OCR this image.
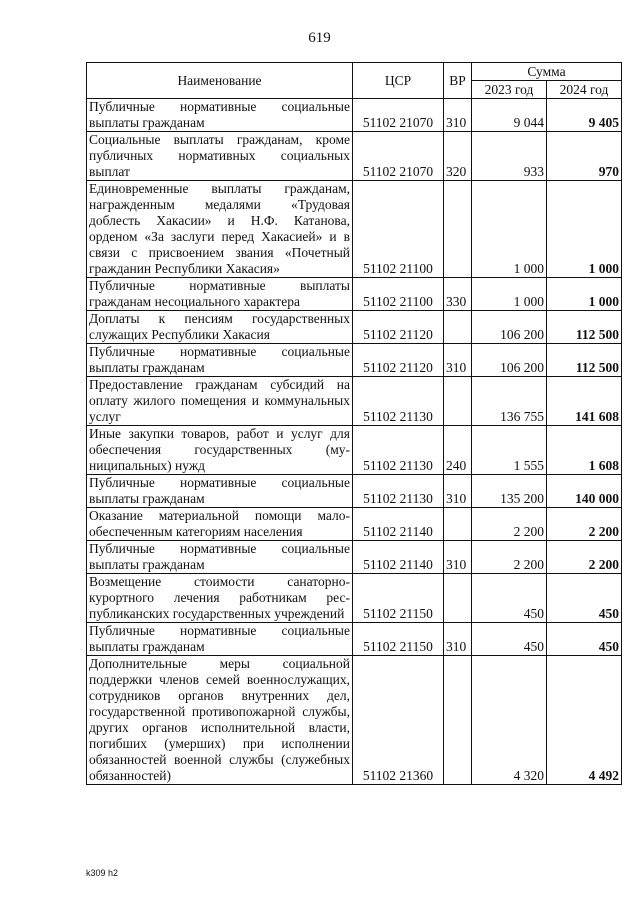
619
Наименование	ЦСР	ВР	Сумма	
			2023 год	2024 год
Публичные нормативные социальные выплаты гражданам	51102 21070	310	9 044	9 405
Социальные выплаты гражданам, кроме публичных нормативных социальных выплат	51102 21070	320	933	970
Единовременные выплаты гражданам, награжденным медалями «Трудовая доблесть Хакасии» и Н.Ф. Катанова, орденом «За заслуги перед Хакасией» и в связи с присвоением звания «Почетный гражданин Республики Хакасия»	51102 21100		1 000	1 000
Публичные нормативные выплаты гражданам несоциального характера	51102 21100	330	1 000	1 000
Доплаты к пенсиям государственных служащих Республики Хакасия	51102 21120		106 200	112 500
Публичные нормативные социальные выплаты гражданам	51102 21120	310	106 200	112 500
Предоставление гражданам субсидий на оплату жилого помещения и коммунальных услуг	51102 21130		136 755	141 608
Иные закупки товаров, работ и услуг для обеспечения государственных (муниципальных) нужд	51102 21130	240	1 555	1 608
Публичные нормативные социальные выплаты гражданам	51102 21130	310	135 200	140 000
Оказание материальной помощи малообеспеченным категориям населения	51102 21140		2 200	2 200
Публичные нормативные социальные выплаты гражданам	51102 21140	310	2 200	2 200
Возмещение стоимости санаторно-курортного лечения работникам республиканских государственных учреждений	51102 21150		450	450
Публичные нормативные социальные выплаты гражданам	51102 21150	310	450	450
Дополнительные меры социальной поддержки членов семей военнослужащих, сотрудников органов внутренних дел, государственной противопожарной службы, других органов исполнительной власти, погибших (умерших) при исполнении обязанностей военной службы (служебных обязанностей)	51102 21360		4 320	4 492
k309 h2
